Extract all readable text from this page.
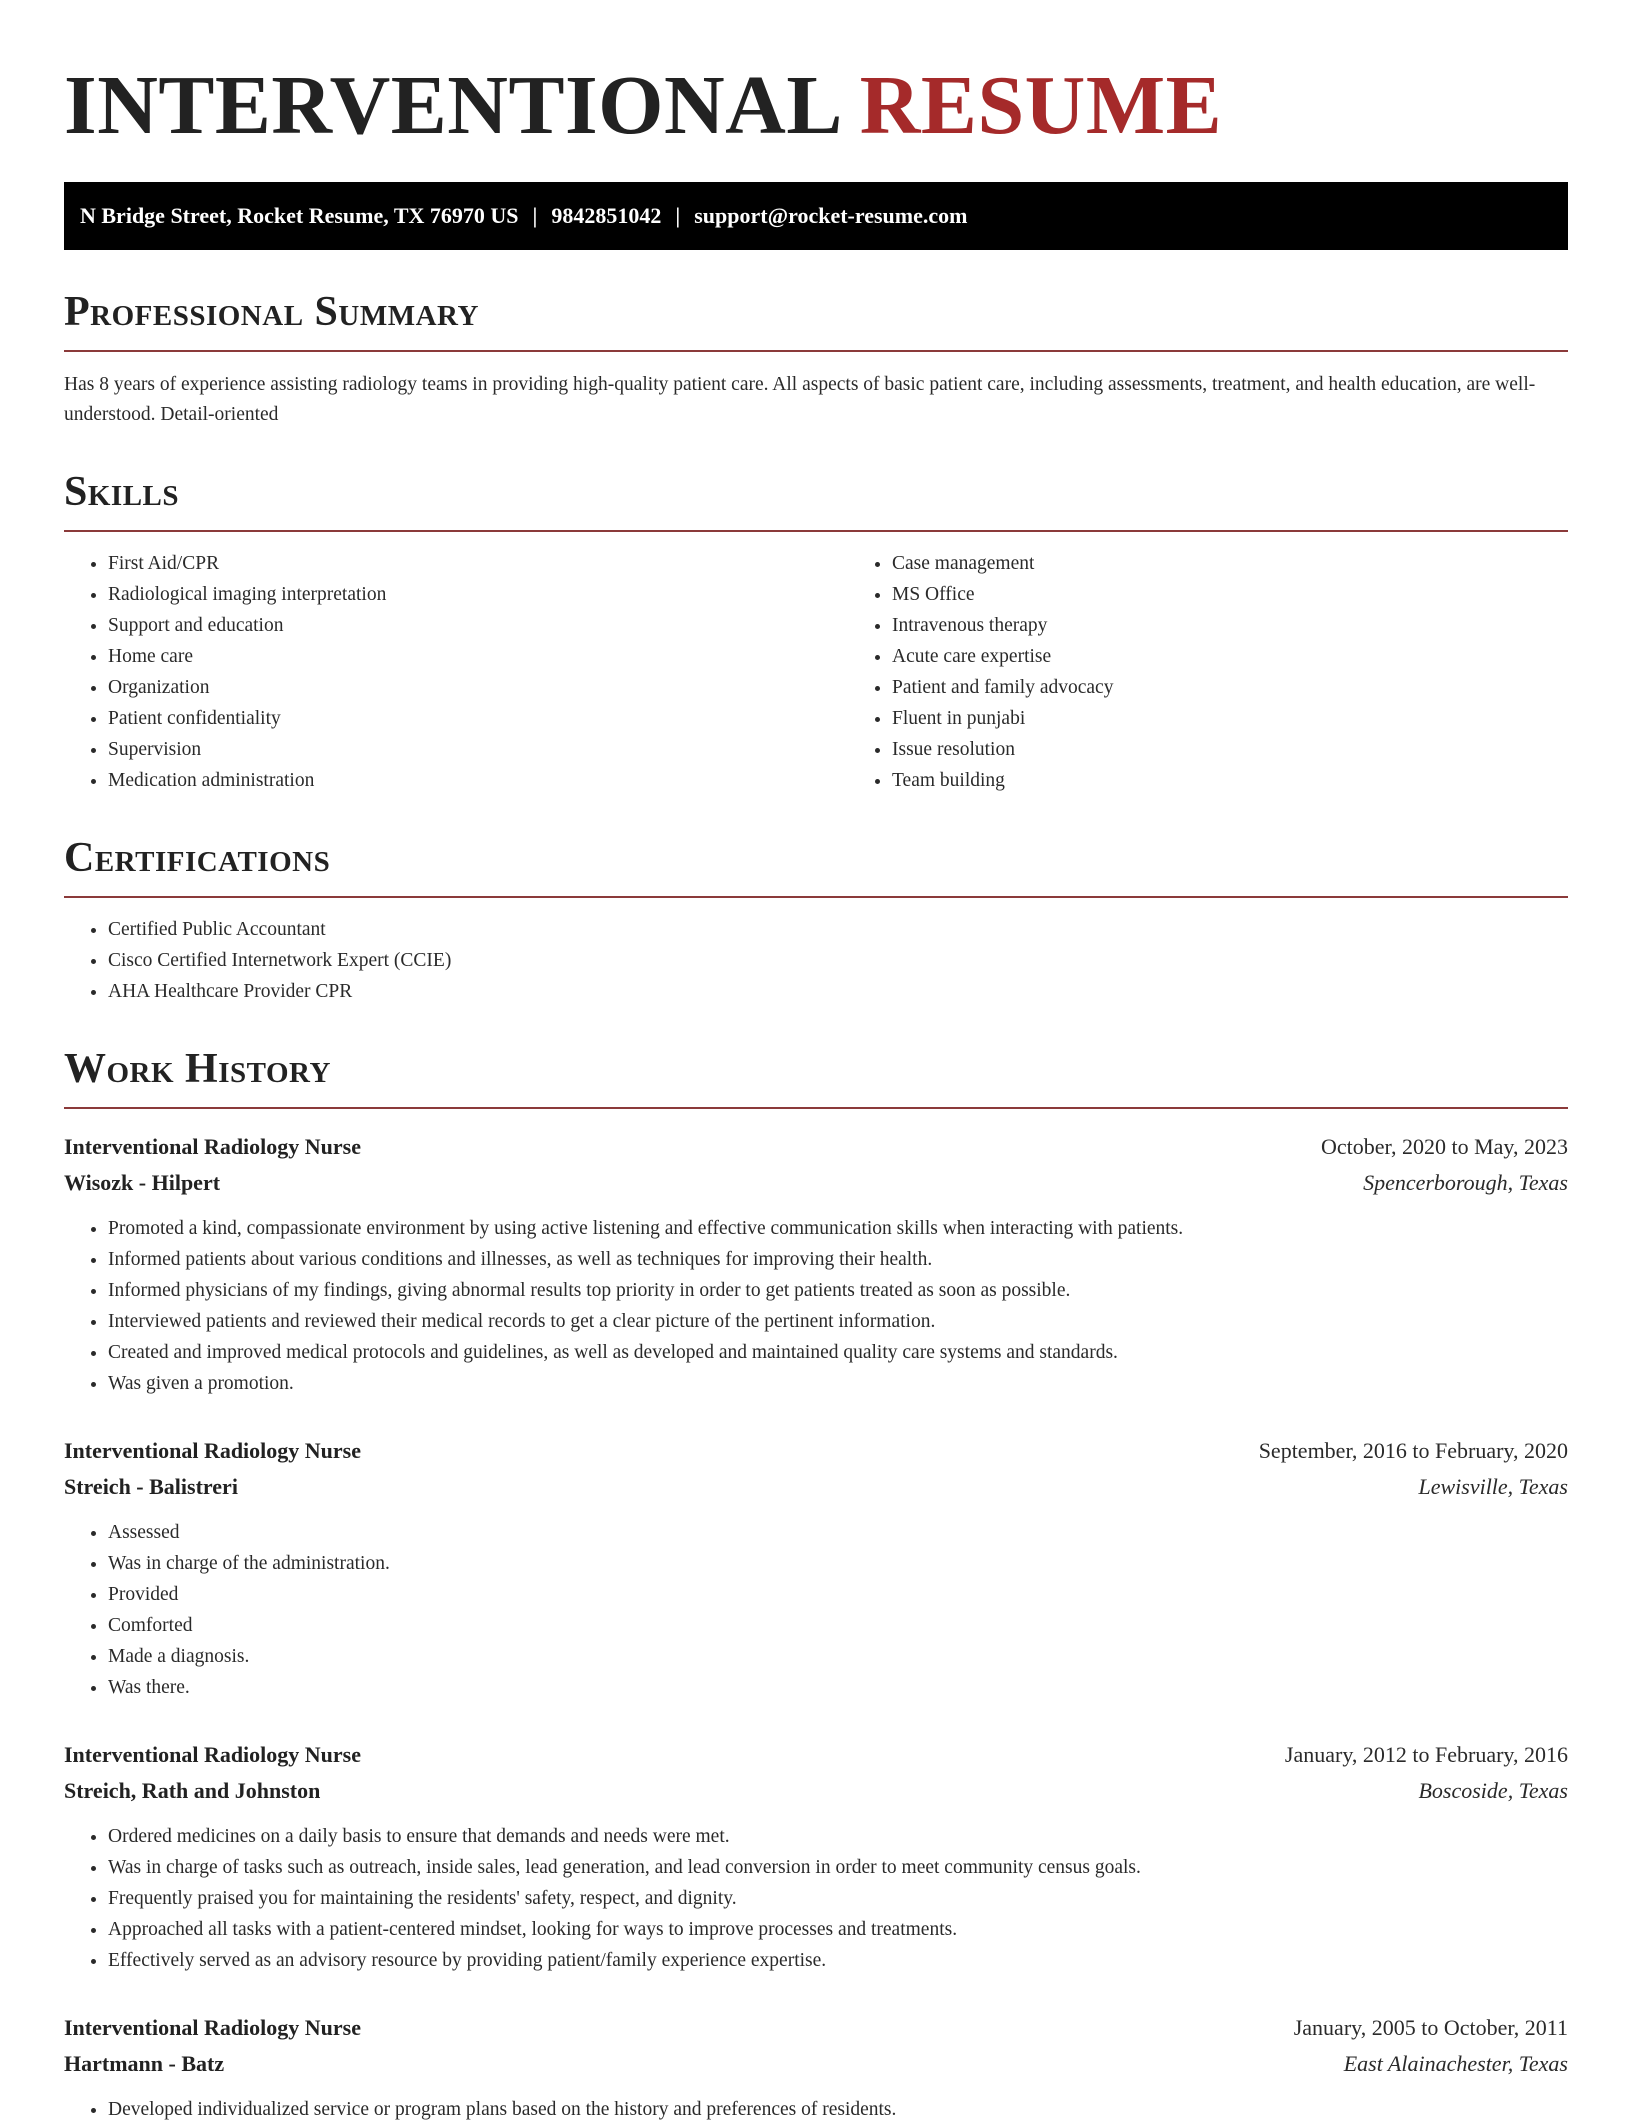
INTERVENTIONAL RESUME
N Bridge Street, Rocket Resume, TX 76970 US | 9842851042 | support@rocket-resume.com
Professional Summary

Has 8 years of experience assisting radiology teams in providing high-quality patient care. All aspects of basic patient care, including assessments, treatment, and health education, are well-understood. Detail-oriented

Skills
• First Aid/CPR
• Radiological imaging interpretation
• Support and education
• Home care
• Organization
• Patient confidentiality
• Supervision
• Medication administration
• Case management
• MS Office
• Intravenous therapy
• Acute care expertise
• Patient and family advocacy
• Fluent in punjabi
• Issue resolution
• Team building
Certifications
• Certified Public Accountant
• Cisco Certified Internetwork Expert (CCIE)
• AHA Healthcare Provider CPR
Work History
Interventional Radiology Nurse	October, 2020 to May, 2023
Wisozk - Hilpert	Spencerborough, Texas
• Promoted a kind, compassionate environment by using active listening and effective communication skills when interacting with patients.
• Informed patients about various conditions and illnesses, as well as techniques for improving their health.
• Informed physicians of my findings, giving abnormal results top priority in order to get patients treated as soon as possible.
• Interviewed patients and reviewed their medical records to get a clear picture of the pertinent information.
• Created and improved medical protocols and guidelines, as well as developed and maintained quality care systems and standards.
• Was given a promotion.
Interventional Radiology Nurse	September, 2016 to February, 2020
Streich - Balistreri	Lewisville, Texas
• Assessed
• Was in charge of the administration.
• Provided
• Comforted
• Made a diagnosis.
• Was there.
Interventional Radiology Nurse	January, 2012 to February, 2016
Streich, Rath and Johnston	Boscoside, Texas
• Ordered medicines on a daily basis to ensure that demands and needs were met.
• Was in charge of tasks such as outreach, inside sales, lead generation, and lead conversion in order to meet community census goals.
• Frequently praised you for maintaining the residents' safety, respect, and dignity.
• Approached all tasks with a patient-centered mindset, looking for ways to improve processes and treatments.
• Effectively served as an advisory resource by providing patient/family experience expertise.
Interventional Radiology Nurse	January, 2005 to October, 2011
Hartmann - Batz	East Alainachester, Texas
• Developed individualized service or program plans based on the history and preferences of residents.
